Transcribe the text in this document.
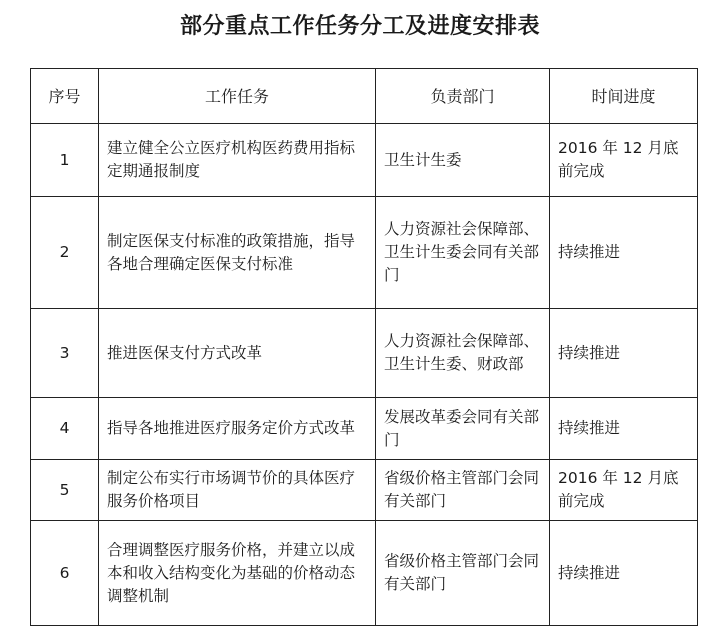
部分重点工作任务分工及进度安排表
序号	工作任务	负责部门	时间进度
1	建立健全公立医疗机构医药费用指标定期通报制度	卫生计生委	2016 年 12 月底前完成
2	制定医保支付标准的政策措施，指导各地合理确定医保支付标准	人力资源社会保障部、卫生计生委会同有关部门	持续推进
3	推进医保支付方式改革	人力资源社会保障部、卫生计生委、财政部	持续推进
4	指导各地推进医疗服务定价方式改革	发展改革委会同有关部门	持续推进
5	制定公布实行市场调节价的具体医疗服务价格项目	省级价格主管部门会同有关部门	2016 年 12 月底前完成
6	合理调整医疗服务价格，并建立以成本和收入结构变化为基础的价格动态调整机制	省级价格主管部门会同有关部门	持续推进
